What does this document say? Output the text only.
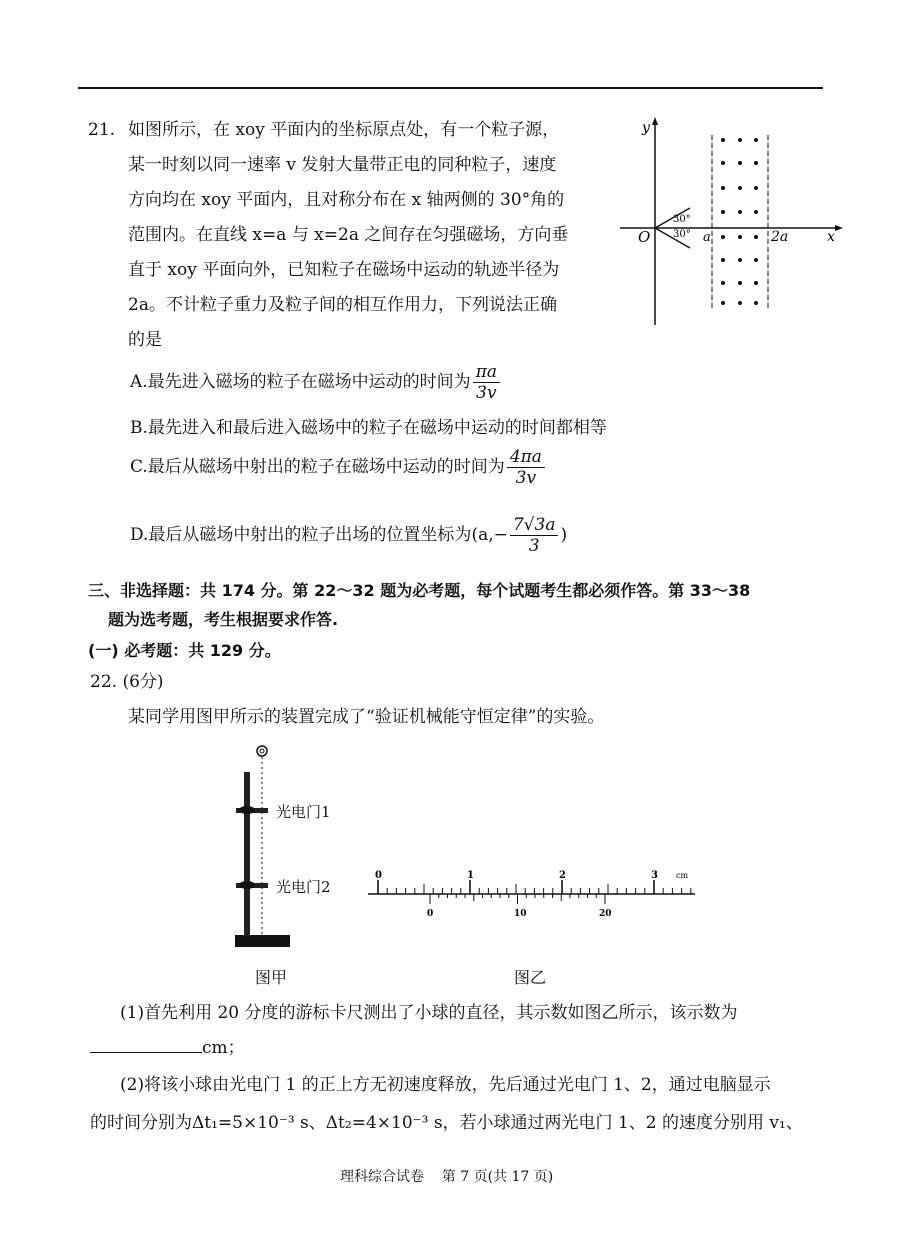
21. 如图所示，在 xoy 平面内的坐标原点处，有一个粒子源，
某一时刻以同一速率 v 发射大量带正电的同种粒子，速度
方向均在 xoy 平面内，且对称分布在 x 轴两侧的 30°角的
范围内。在直线 x=a 与 x=2a 之间存在匀强磁场，方向垂
直于 xoy 平面向外，已知粒子在磁场中运动的轨迹半径为
2a。不计粒子重力及粒子间的相互作用力，下列说法正确
的是
y
x
O	a	2a
30°
30°
A.最先进入磁场的粒子在磁场中运动的时间为 $\frac{\pi a}{3v}$
B.最先进入和最后进入磁场中的粒子在磁场中运动的时间都相等
C.最后从磁场中射出的粒子在磁场中运动的时间为 $\frac{4\pi a}{3v}$
D.最后从磁场中射出的粒子出场的位置坐标为($a,- \frac{7√3a}{3}$ )
三、非选择题：共 174 分。第 22～32 题为必考题，每个试题考生都必须作答。第 33～38
题为选考题，考生根据要求作答.
(一) 必考题：共 129 分。
22. (6分)
某同学用图甲所示的装置完成了“验证机械能守恒定律”的实验。
光电门1
光电门2
图甲
0	1	2	3 cm
0	10	20
图乙
(1)首先利用 20 分度的游标卡尺测出了小球的直径，其示数如图乙所示，该示数为
cm；
(2)将该小球由光电门 1 的正上方无初速度释放，先后通过光电门 1、2，通过电脑显示
的时间分别为Δt₁=5×10⁻³ s、Δt₂=4×10⁻³ s，若小球通过两光电门 1、2 的速度分别用 v₁、
理科综合试卷    第 7 页(共 17 页)
